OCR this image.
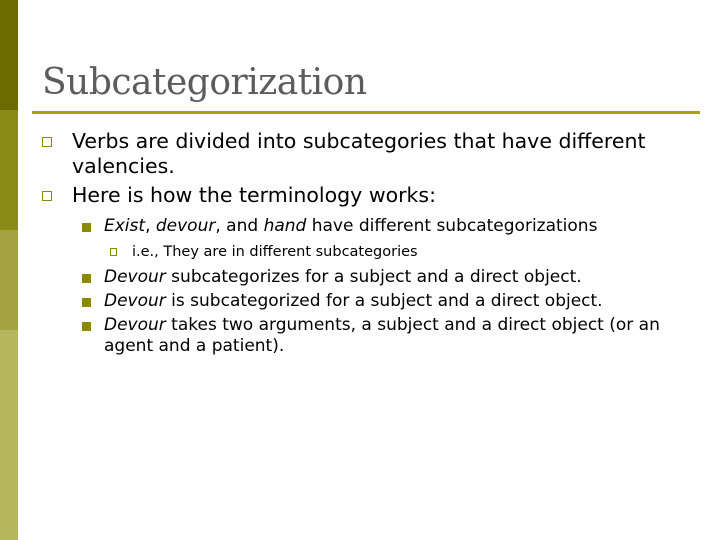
Subcategorization
Verbs are divided into subcategories that have different valencies.
Here is how the terminology works:
Exist, devour, and hand have different subcategorizations
i.e., They are in different subcategories
Devour subcategorizes for a subject and a direct object.
Devour is subcategorized for a subject and a direct object.
Devour takes two arguments, a subject and a direct object (or an agent and a patient).
